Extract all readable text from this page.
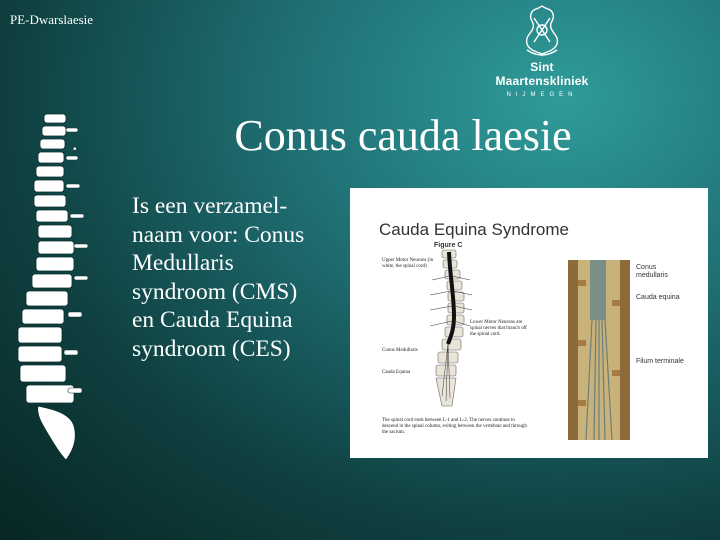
PE-Dwarslaesie
Sint Maartenskliniek
NIJMEGEN
.	Conus cauda laesie
Is een verzamel-
naam voor: Conus
Medullaris
syndroom (CMS)
en Cauda Equina
syndroom (CES)
Cauda Equina Syndrome
Figure C
Upper Motor Neurons (in white, the spinal cord)
Lower Motor Neurons are spinal nerves that branch off the spinal cord.
Conus Medullaris
Cauda Equina
The spinal cord ends between L-1 and L-2. The nerves continue to descend in the spinal column, exiting between the vertebrae and through the sacrum.
Conus medullaris
Cauda equina
Filum terminale
